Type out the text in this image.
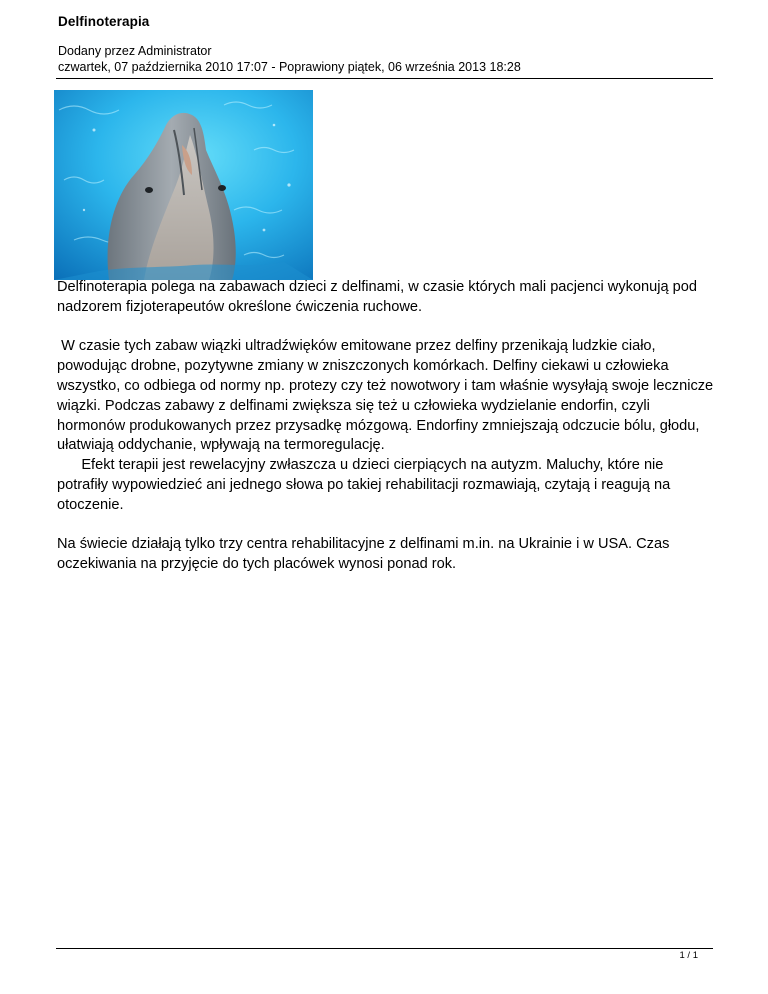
Delfinoterapia
Dodany przez Administrator
czwartek, 07 października 2010 17:07 - Poprawiony piątek, 06 września 2013 18:28

Delfinoterapia polega na zabawach dzieci z delfinami, w czasie których mali pacjenci wykonują pod nadzorem fizjoterapeutów określone ćwiczenia ruchowe.

W czasie tych zabaw wiązki ultradźwięków emitowane przez delfiny przenikają ludzkie ciało, powodując drobne, pozytywne zmiany w zniszczonych komórkach. Delfiny ciekawi u człowieka wszystko, co odbiega od normy np. protezy czy też nowotwory i tam właśnie wysyłają swoje lecznicze wiązki. Podczas zabawy z delfinami zwiększa się też u człowieka wydzielanie endorfin, czyli hormonów produkowanych przez przysadkę mózgową. Endorfiny zmniejszają odczucie bólu, głodu, ułatwiają oddychanie, wpływają na termoregulację.

Efekt terapii jest rewelacyjny zwłaszcza u dzieci cierpiących na autyzm. Maluchy, które nie potrafiły wypowiedzieć ani jednego słowa po takiej rehabilitacji rozmawiają, czytają i reagują na otoczenie.

Na świecie działają tylko trzy centra rehabilitacyjne z delfinami m.in. na Ukrainie i w USA. Czas oczekiwania na przyjęcie do tych placówek wynosi ponad rok.

1 / 1
